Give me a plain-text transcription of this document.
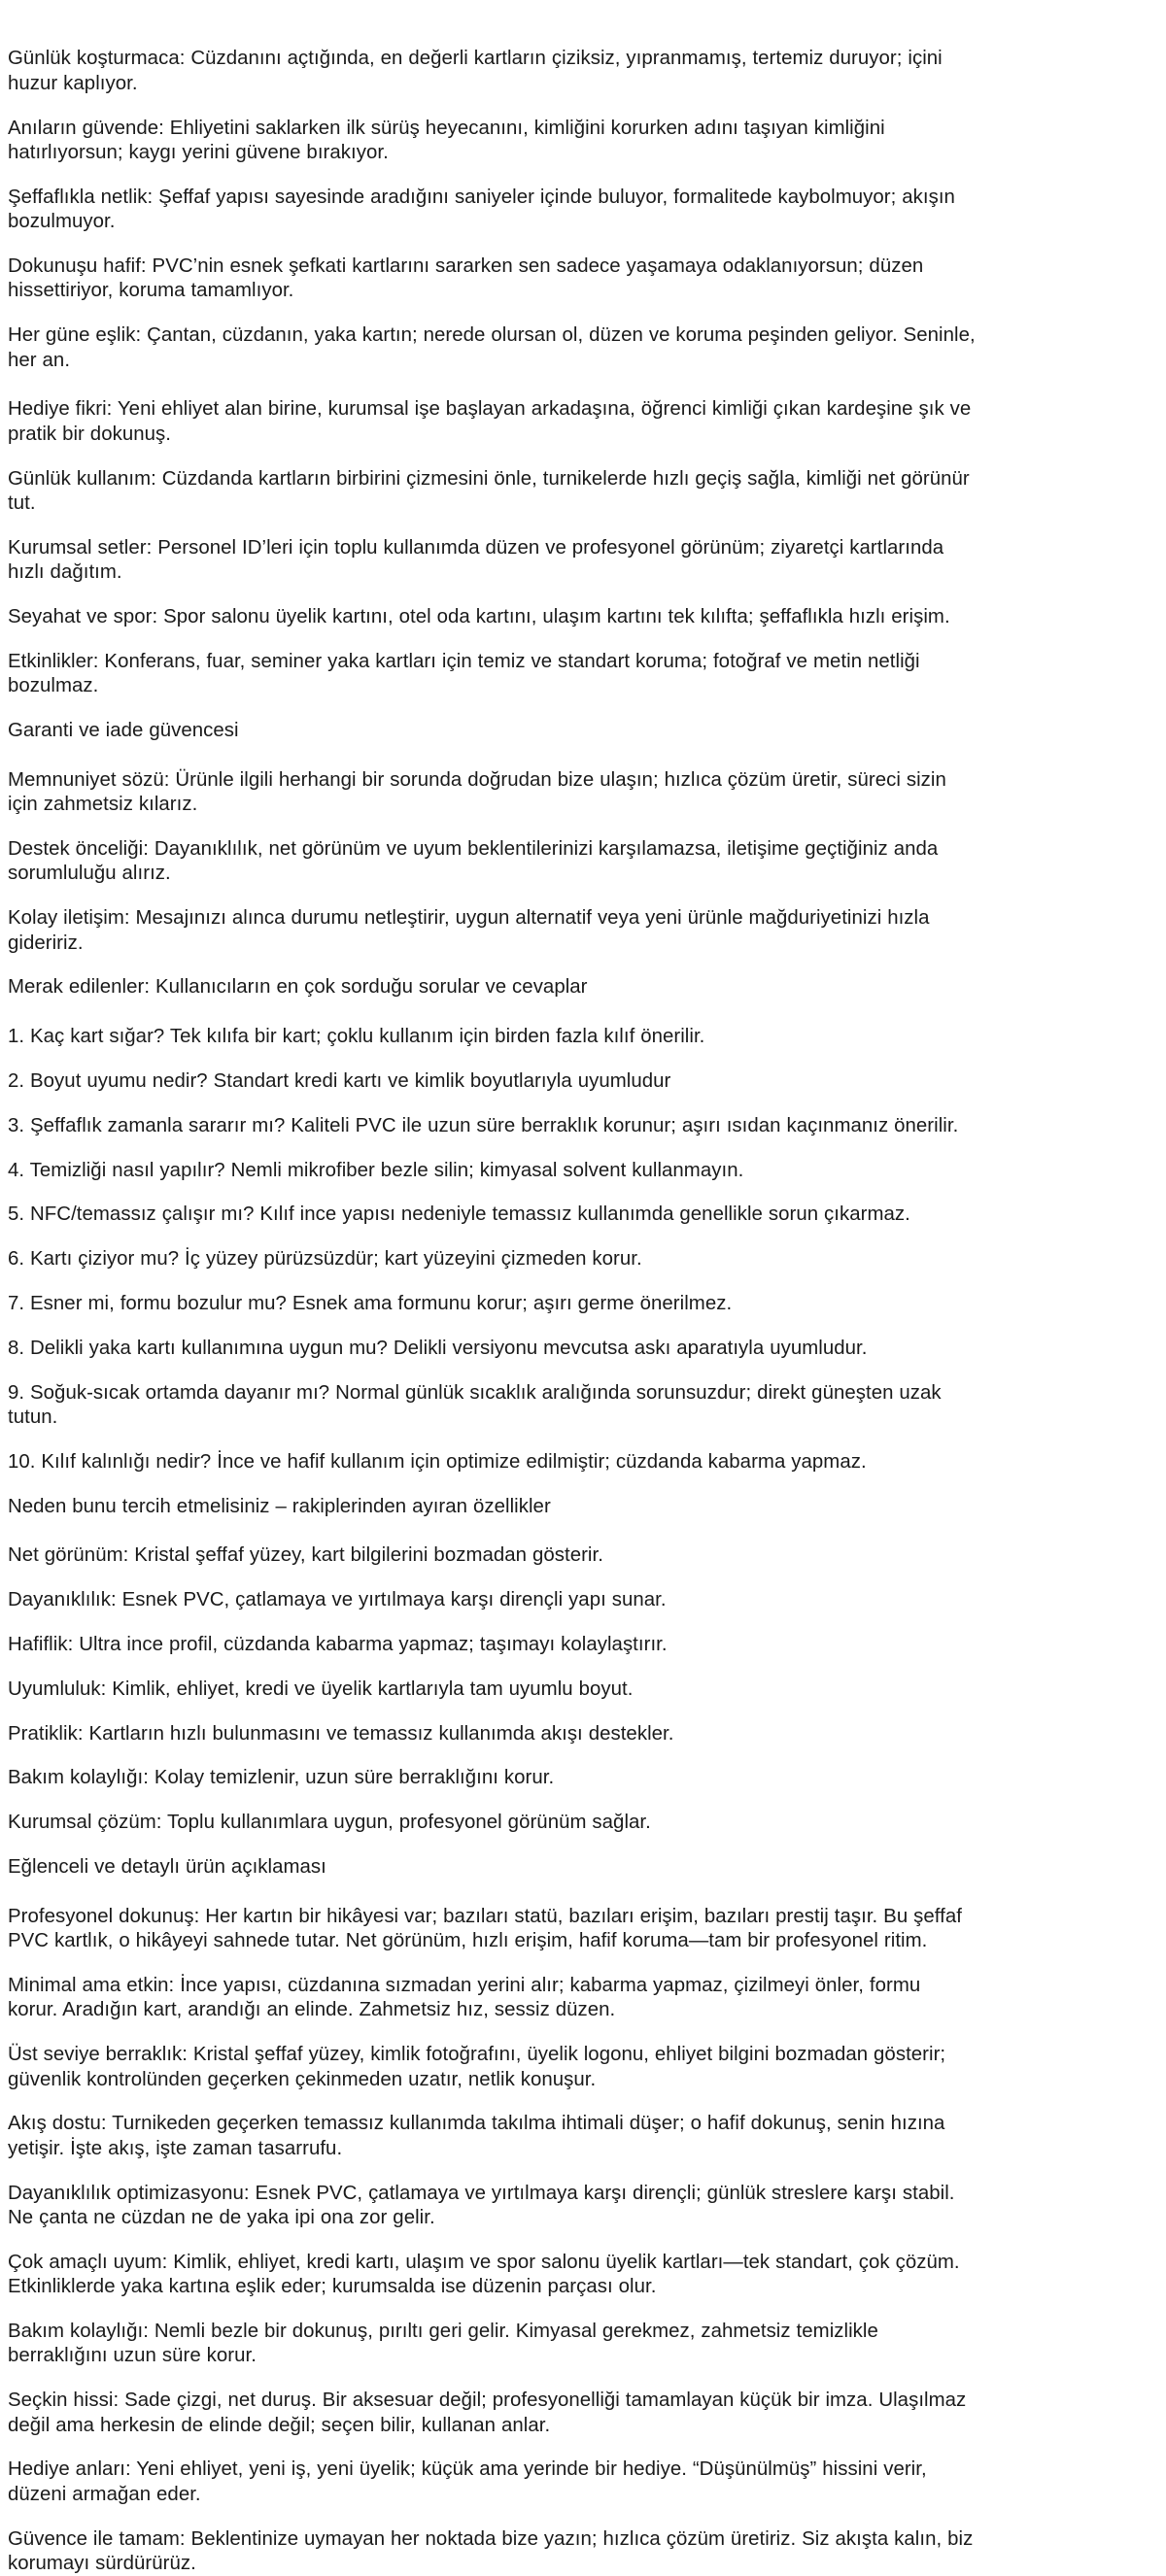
Günlük koşturmaca: Cüzdanını açtığında, en değerli kartların çiziksiz, yıpranmamış, tertemiz duruyor; içini huzur kaplıyor.

Anıların güvende: Ehliyetini saklarken ilk sürüş heyecanını, kimliğini korurken adını taşıyan kimliğini hatırlıyorsun; kaygı yerini güvene bırakıyor.

Şeffaflıkla netlik: Şeffaf yapısı sayesinde aradığını saniyeler içinde buluyor, formalitede kaybolmuyor; akışın bozulmuyor.

Dokunuşu hafif: PVC’nin esnek şefkati kartlarını sararken sen sadece yaşamaya odaklanıyorsun; düzen hissettiriyor, koruma tamamlıyor.

Her güne eşlik: Çantan, cüzdanın, yaka kartın; nerede olursan ol, düzen ve koruma peşinden geliyor. Seninle, her an.

Hediye fikri: Yeni ehliyet alan birine, kurumsal işe başlayan arkadaşına, öğrenci kimliği çıkan kardeşine şık ve pratik bir dokunuş.

Günlük kullanım: Cüzdanda kartların birbirini çizmesini önle, turnikelerde hızlı geçiş sağla, kimliği net görünür tut.

Kurumsal setler: Personel ID’leri için toplu kullanımda düzen ve profesyonel görünüm; ziyaretçi kartlarında hızlı dağıtım.

Seyahat ve spor: Spor salonu üyelik kartını, otel oda kartını, ulaşım kartını tek kılıfta; şeffaflıkla hızlı erişim.

Etkinlikler: Konferans, fuar, seminer yaka kartları için temiz ve standart koruma; fotoğraf ve metin netliği bozulmaz.

Garanti ve iade güvencesi

Memnuniyet sözü: Ürünle ilgili herhangi bir sorunda doğrudan bize ulaşın; hızlıca çözüm üretir, süreci sizin için zahmetsiz kılarız.

Destek önceliği: Dayanıklılık, net görünüm ve uyum beklentilerinizi karşılamazsa, iletişime geçtiğiniz anda sorumluluğu alırız.

Kolay iletişim: Mesajınızı alınca durumu netleştirir, uygun alternatif veya yeni ürünle mağduriyetinizi hızla gideririz.

Merak edilenler: Kullanıcıların en çok sorduğu sorular ve cevaplar

1. Kaç kart sığar? Tek kılıfa bir kart; çoklu kullanım için birden fazla kılıf önerilir.

2. Boyut uyumu nedir? Standart kredi kartı ve kimlik boyutlarıyla uyumludur

3. Şeffaflık zamanla sararır mı? Kaliteli PVC ile uzun süre berraklık korunur; aşırı ısıdan kaçınmanız önerilir.

4. Temizliği nasıl yapılır? Nemli mikrofiber bezle silin; kimyasal solvent kullanmayın.

5. NFC/temassız çalışır mı? Kılıf ince yapısı nedeniyle temassız kullanımda genellikle sorun çıkarmaz.

6. Kartı çiziyor mu? İç yüzey pürüzsüzdür; kart yüzeyini çizmeden korur.

7. Esner mi, formu bozulur mu? Esnek ama formunu korur; aşırı germe önerilmez.

8. Delikli yaka kartı kullanımına uygun mu? Delikli versiyonu mevcutsa askı aparatıyla uyumludur.

9. Soğuk-sıcak ortamda dayanır mı? Normal günlük sıcaklık aralığında sorunsuzdur; direkt güneşten uzak tutun.

10. Kılıf kalınlığı nedir? İnce ve hafif kullanım için optimize edilmiştir; cüzdanda kabarma yapmaz.

Neden bunu tercih etmelisiniz – rakiplerinden ayıran özellikler

Net görünüm: Kristal şeffaf yüzey, kart bilgilerini bozmadan gösterir.

Dayanıklılık: Esnek PVC, çatlamaya ve yırtılmaya karşı dirençli yapı sunar.

Hafiflik: Ultra ince profil, cüzdanda kabarma yapmaz; taşımayı kolaylaştırır.

Uyumluluk: Kimlik, ehliyet, kredi ve üyelik kartlarıyla tam uyumlu boyut.

Pratiklik: Kartların hızlı bulunmasını ve temassız kullanımda akışı destekler.

Bakım kolaylığı: Kolay temizlenir, uzun süre berraklığını korur.

Kurumsal çözüm: Toplu kullanımlara uygun, profesyonel görünüm sağlar.

Eğlenceli ve detaylı ürün açıklaması

Profesyonel dokunuş: Her kartın bir hikâyesi var; bazıları statü, bazıları erişim, bazıları prestij taşır. Bu şeffaf PVC kartlık, o hikâyeyi sahnede tutar. Net görünüm, hızlı erişim, hafif koruma—tam bir profesyonel ritim.

Minimal ama etkin: İnce yapısı, cüzdanına sızmadan yerini alır; kabarma yapmaz, çizilmeyi önler, formu korur. Aradığın kart, arandığı an elinde. Zahmetsiz hız, sessiz düzen.

Üst seviye berraklık: Kristal şeffaf yüzey, kimlik fotoğrafını, üyelik logonu, ehliyet bilgini bozmadan gösterir; güvenlik kontrolünden geçerken çekinmeden uzatır, netlik konuşur.

Akış dostu: Turnikeden geçerken temassız kullanımda takılma ihtimali düşer; o hafif dokunuş, senin hızına yetişir. İşte akış, işte zaman tasarrufu.

Dayanıklılık optimizasyonu: Esnek PVC, çatlamaya ve yırtılmaya karşı dirençli; günlük streslere karşı stabil. Ne çanta ne cüzdan ne de yaka ipi ona zor gelir.

Çok amaçlı uyum: Kimlik, ehliyet, kredi kartı, ulaşım ve spor salonu üyelik kartları—tek standart, çok çözüm. Etkinliklerde yaka kartına eşlik eder; kurumsalda ise düzenin parçası olur.

Bakım kolaylığı: Nemli bezle bir dokunuş, pırıltı geri gelir. Kimyasal gerekmez, zahmetsiz temizlikle berraklığını uzun süre korur.

Seçkin hissi: Sade çizgi, net duruş. Bir aksesuar değil; profesyonelliği tamamlayan küçük bir imza. Ulaşılmaz değil ama herkesin de elinde değil; seçen bilir, kullanan anlar.

Hediye anları: Yeni ehliyet, yeni iş, yeni üyelik; küçük ama yerinde bir hediye. “Düşünülmüş” hissini verir, düzeni armağan eder.

Güvence ile tamam: Beklentinize uymayan her noktada bize yazın; hızlıca çözüm üretiriz. Siz akışta kalın, biz korumayı sürdürürüz.
